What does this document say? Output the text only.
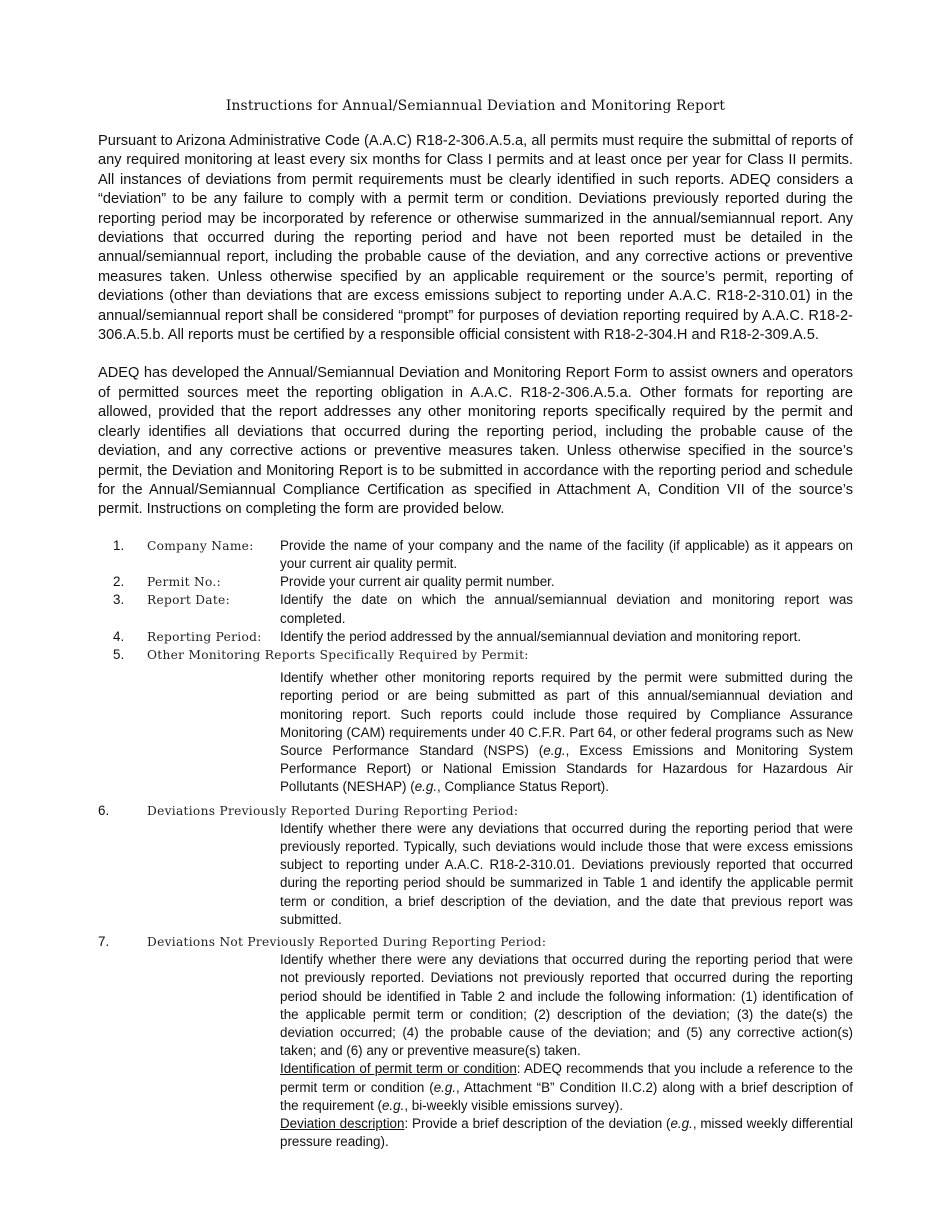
Instructions for Annual/Semiannual Deviation and Monitoring Report

Pursuant to Arizona Administrative Code (A.A.C) R18-2-306.A.5.a, all permits must require the submittal of reports of any required monitoring at least every six months for Class I permits and at least once per year for Class II permits. All instances of deviations from permit requirements must be clearly identified in such reports. ADEQ considers a “deviation” to be any failure to comply with a permit term or condition. Deviations previously reported during the reporting period may be incorporated by reference or otherwise summarized in the annual/semiannual report. Any deviations that occurred during the reporting period and have not been reported must be detailed in the annual/semiannual report, including the probable cause of the deviation, and any corrective actions or preventive measures taken. Unless otherwise specified by an applicable requirement or the source’s permit, reporting of deviations (other than deviations that are excess emissions subject to reporting under A.A.C. R18-2-310.01) in the annual/semiannual report shall be considered “prompt” for purposes of deviation reporting required by A.A.C. R18-2-306.A.5.b. All reports must be certified by a responsible official consistent with R18-2-304.H and R18-2-309.A.5.

ADEQ has developed the Annual/Semiannual Deviation and Monitoring Report Form to assist owners and operators of permitted sources meet the reporting obligation in A.A.C. R18-2-306.A.5.a. Other formats for reporting are allowed, provided that the report addresses any other monitoring reports specifically required by the permit and clearly identifies all deviations that occurred during the reporting period, including the probable cause of the deviation, and any corrective actions or preventive measures taken. Unless otherwise specified in the source’s permit, the Deviation and Monitoring Report is to be submitted in accordance with the reporting period and schedule for the Annual/Semiannual Compliance Certification as specified in Attachment A, Condition VII of the source’s permit. Instructions on completing the form are provided below.

1. Company Name: Provide the name of your company and the name of the facility (if applicable) as it appears on your current air quality permit.
2. Permit No.:	Provide your current air quality permit number.
3. Report Date:	Identify the date on which the annual/semiannual deviation and monitoring report was completed.
4. Reporting Period: Identify the period addressed by the annual/semiannual deviation and monitoring report.
5. Other Monitoring Reports Specifically Required by Permit:
Identify whether other monitoring reports required by the permit were submitted during the reporting period or are being submitted as part of this annual/semiannual deviation and monitoring report. Such reports could include those required by Compliance Assurance Monitoring (CAM) requirements under 40 C.F.R. Part 64, or other federal programs such as New Source Performance Standard (NSPS) (e.g., Excess Emissions and Monitoring System Performance Report) or National Emission Standards for Hazardous for Hazardous Air Pollutants (NESHAP) (e.g., Compliance Status Report).
6.	Deviations Previously Reported During Reporting Period:
Identify whether there were any deviations that occurred during the reporting period that were previously reported. Typically, such deviations would include those that were excess emissions subject to reporting under A.A.C. R18-2-310.01. Deviations previously reported that occurred during the reporting period should be summarized in Table 1 and identify the applicable permit term or condition, a brief description of the deviation, and the date that previous report was submitted.
7.	Deviations Not Previously Reported During Reporting Period:
Identify whether there were any deviations that occurred during the reporting period that were not previously reported. Deviations not previously reported that occurred during the reporting period should be identified in Table 2 and include the following information: (1) identification of the applicable permit term or condition; (2) description of the deviation; (3) the date(s) the deviation occurred; (4) the probable cause of the deviation; and (5) any corrective action(s) taken; and (6) any or preventive measure(s) taken.
Identification of permit term or condition: ADEQ recommends that you include a reference to the permit term or condition (e.g., Attachment “B” Condition II.C.2) along with a brief description of the requirement (e.g., bi-weekly visible emissions survey).
Deviation description: Provide a brief description of the deviation (e.g., missed weekly differential pressure reading).
